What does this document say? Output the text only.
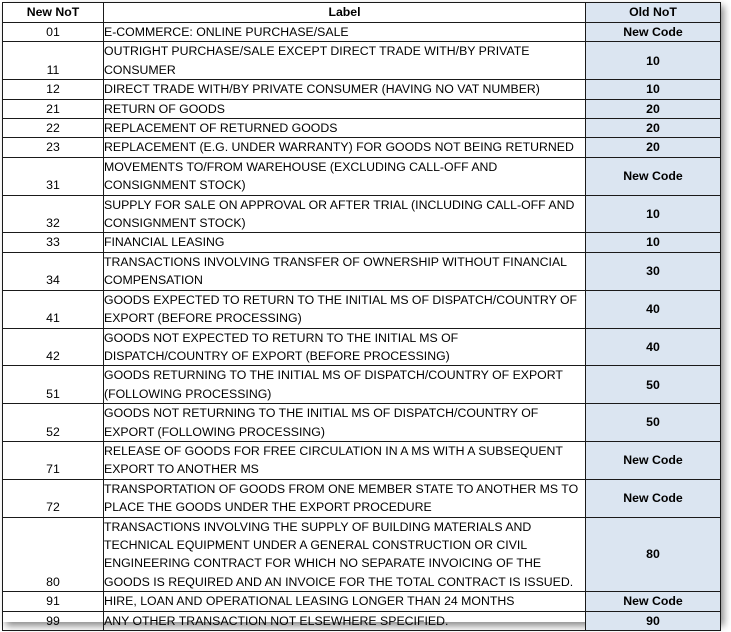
New NoT	Label	Old NoT
01	E-COMMERCE: ONLINE PURCHASE/SALE	New Code
11	OUTRIGHT PURCHASE/SALE EXCEPT DIRECT TRADE WITH/BY PRIVATE CONSUMER	10
12	DIRECT TRADE WITH/BY PRIVATE CONSUMER (HAVING NO VAT NUMBER)	10
21	RETURN OF GOODS	20
22	REPLACEMENT OF RETURNED GOODS	20
23	REPLACEMENT (E.G. UNDER WARRANTY) FOR GOODS NOT BEING RETURNED	20
31	MOVEMENTS TO/FROM WAREHOUSE (EXCLUDING CALL-OFF AND CONSIGNMENT STOCK)	New Code
32	SUPPLY FOR SALE ON APPROVAL OR AFTER TRIAL (INCLUDING CALL-OFF AND CONSIGNMENT STOCK)	10
33	FINANCIAL LEASING	10
34	TRANSACTIONS INVOLVING TRANSFER OF OWNERSHIP WITHOUT FINANCIAL COMPENSATION	30
41	GOODS EXPECTED TO RETURN TO THE INITIAL MS OF DISPATCH/COUNTRY OF EXPORT (BEFORE PROCESSING)	40
42	GOODS NOT EXPECTED TO RETURN TO THE INITIAL MS OF DISPATCH/COUNTRY OF EXPORT (BEFORE PROCESSING)	40
51	GOODS RETURNING TO THE INITIAL MS OF DISPATCH/COUNTRY OF EXPORT (FOLLOWING PROCESSING)	50
52	GOODS NOT RETURNING TO THE INITIAL MS OF DISPATCH/COUNTRY OF EXPORT (FOLLOWING PROCESSING)	50
71	RELEASE OF GOODS FOR FREE CIRCULATION IN A MS WITH A SUBSEQUENT EXPORT TO ANOTHER MS	New Code
72	TRANSPORTATION OF GOODS FROM ONE MEMBER STATE TO ANOTHER MS TO PLACE THE GOODS UNDER THE EXPORT PROCEDURE	New Code
80	TRANSACTIONS INVOLVING THE SUPPLY OF BUILDING MATERIALS AND TECHNICAL EQUIPMENT UNDER A GENERAL CONSTRUCTION OR CIVIL ENGINEERING CONTRACT FOR WHICH NO SEPARATE INVOICING OF THE GOODS IS REQUIRED AND AN INVOICE FOR THE TOTAL CONTRACT IS ISSUED.	80
91	HIRE, LOAN AND OPERATIONAL LEASING LONGER THAN 24 MONTHS	New Code
99	ANY OTHER TRANSACTION NOT ELSEWHERE SPECIFIED.	90
